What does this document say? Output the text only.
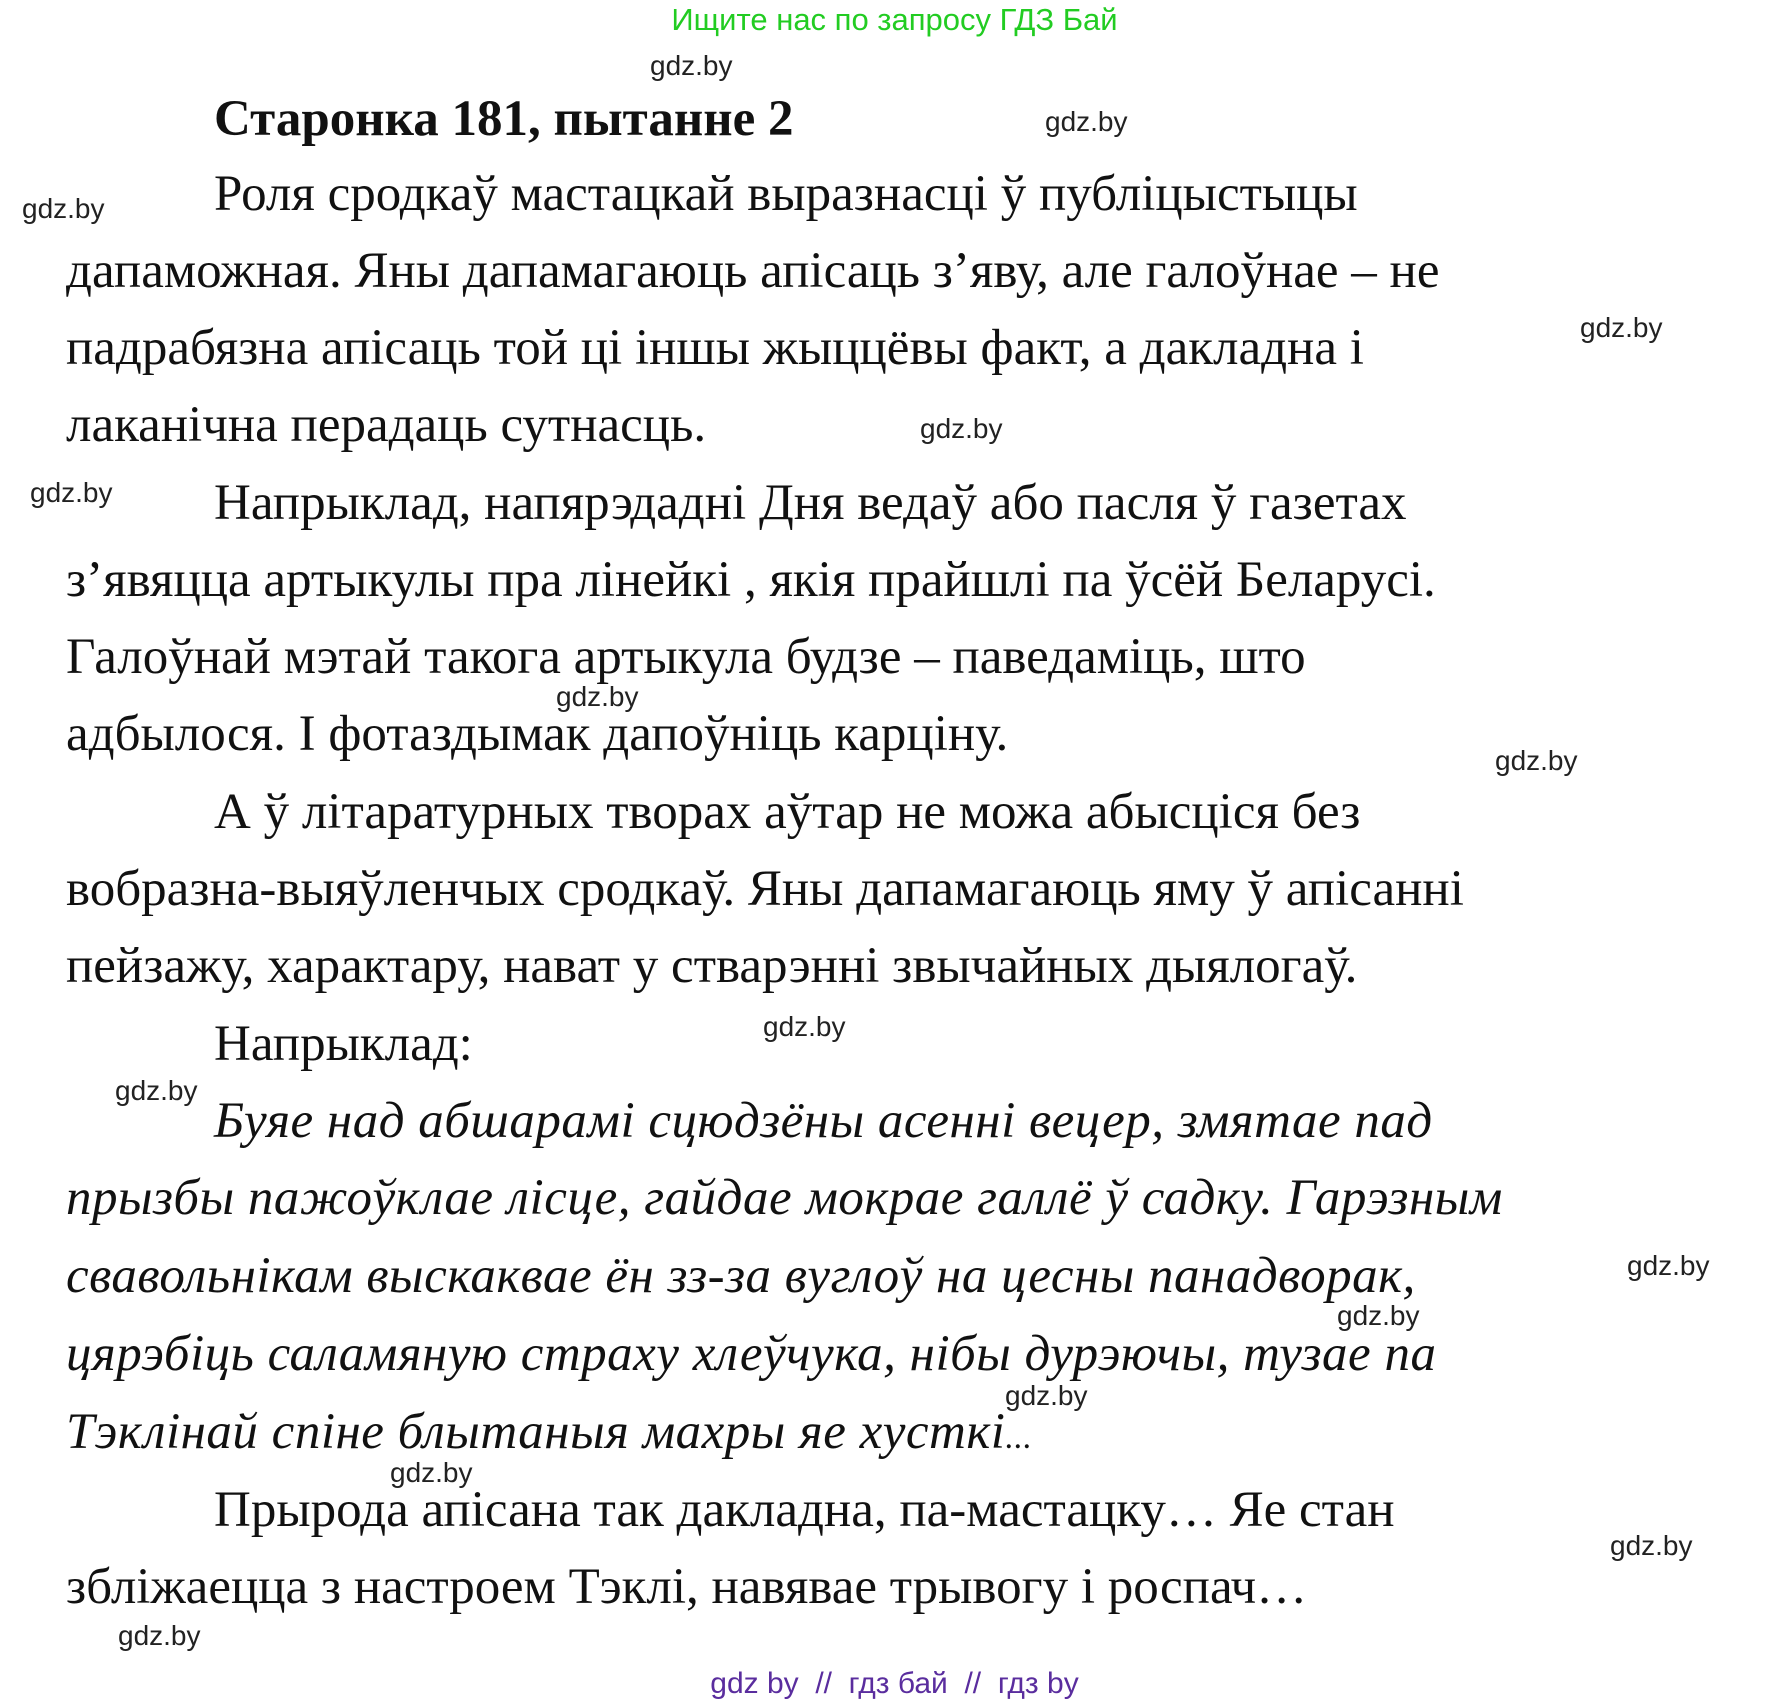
Ищите нас по запросу ГДЗ Бай
Старонка 181, пытанне 2
Роля сродкаў мастацкай выразнасці ў публіцыстыцы
дапаможная. Яны дапамагаюць апісаць з’яву, але галоўнае – не
падрабязна апісаць той ці іншы жыццёвы факт, а дакладна і
лаканічна перадаць сутнасць.
Напрыклад, напярэдадні Дня ведаў або пасля ў газетах
з’явяцца артыкулы пра лінейкі , якія прайшлі па ўсёй Беларусі.
Галоўнай мэтай такога артыкула будзе – паведаміць, што
адбылося. І фотаздымак дапоўніць карціну.
А ў літаратурных творах аўтар не можа абысціся без
вобразна-выяўленчых сродкаў. Яны дапамагаюць яму ў апісанні
пейзажу, характару, нават у стварэнні звычайных дыялогаў.
Напрыклад:
Буяе над абшарамі сцюдзёны асенні вецер, змятае пад
прызбы пажоўклае лісце, гайдае мокрае галлё ў садку. Гарэзным
свавольнікам выскаквае ён зз-за вуглоў на цесны панадворак,
цярэбіць саламяную страху хлеўчука, нібы дурэючы, тузае па
Тэклінай спіне блытаныя махры яе хусткі...
Прырода апісана так дакладна, па-мастацку… Яе стан
збліжаецца з настроем Тэклі, навявае трывогу і роспач…
gdz.by
gdz.by
gdz.by
gdz.by
gdz.by
gdz.by
gdz.by
gdz.by
gdz.by
gdz.by
gdz.by
gdz.by
gdz.by
gdz.by
gdz.by
gdz.by
gdz by  //  гдз бай  //  гдз by
